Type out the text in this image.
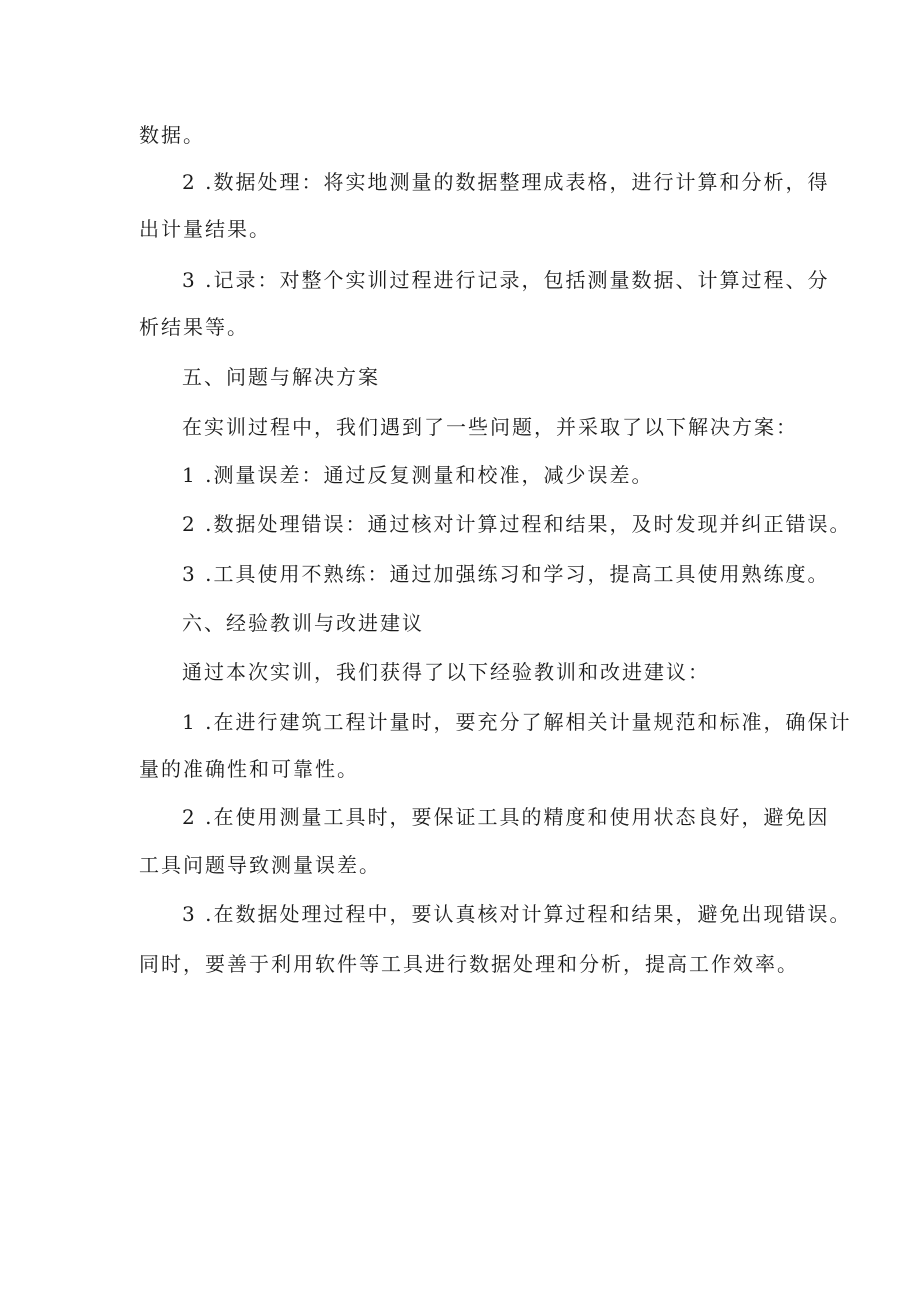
数据。
2 .数据处理：将实地测量的数据整理成表格，进行计算和分析，得
出计量结果。
3 .记录：对整个实训过程进行记录，包括测量数据、计算过程、分
析结果等。
五、问题与解决方案
在实训过程中，我们遇到了一些问题，并采取了以下解决方案：
1 .测量误差：通过反复测量和校准，减少误差。
2 .数据处理错误：通过核对计算过程和结果，及时发现并纠正错误。
3 .工具使用不熟练：通过加强练习和学习，提高工具使用熟练度。
六、经验教训与改进建议
通过本次实训，我们获得了以下经验教训和改进建议：
1 .在进行建筑工程计量时，要充分了解相关计量规范和标准，确保计
量的准确性和可靠性。
2 .在使用测量工具时，要保证工具的精度和使用状态良好，避免因
工具问题导致测量误差。
3 .在数据处理过程中，要认真核对计算过程和结果，避免出现错误。
同时，要善于利用软件等工具进行数据处理和分析，提高工作效率。
